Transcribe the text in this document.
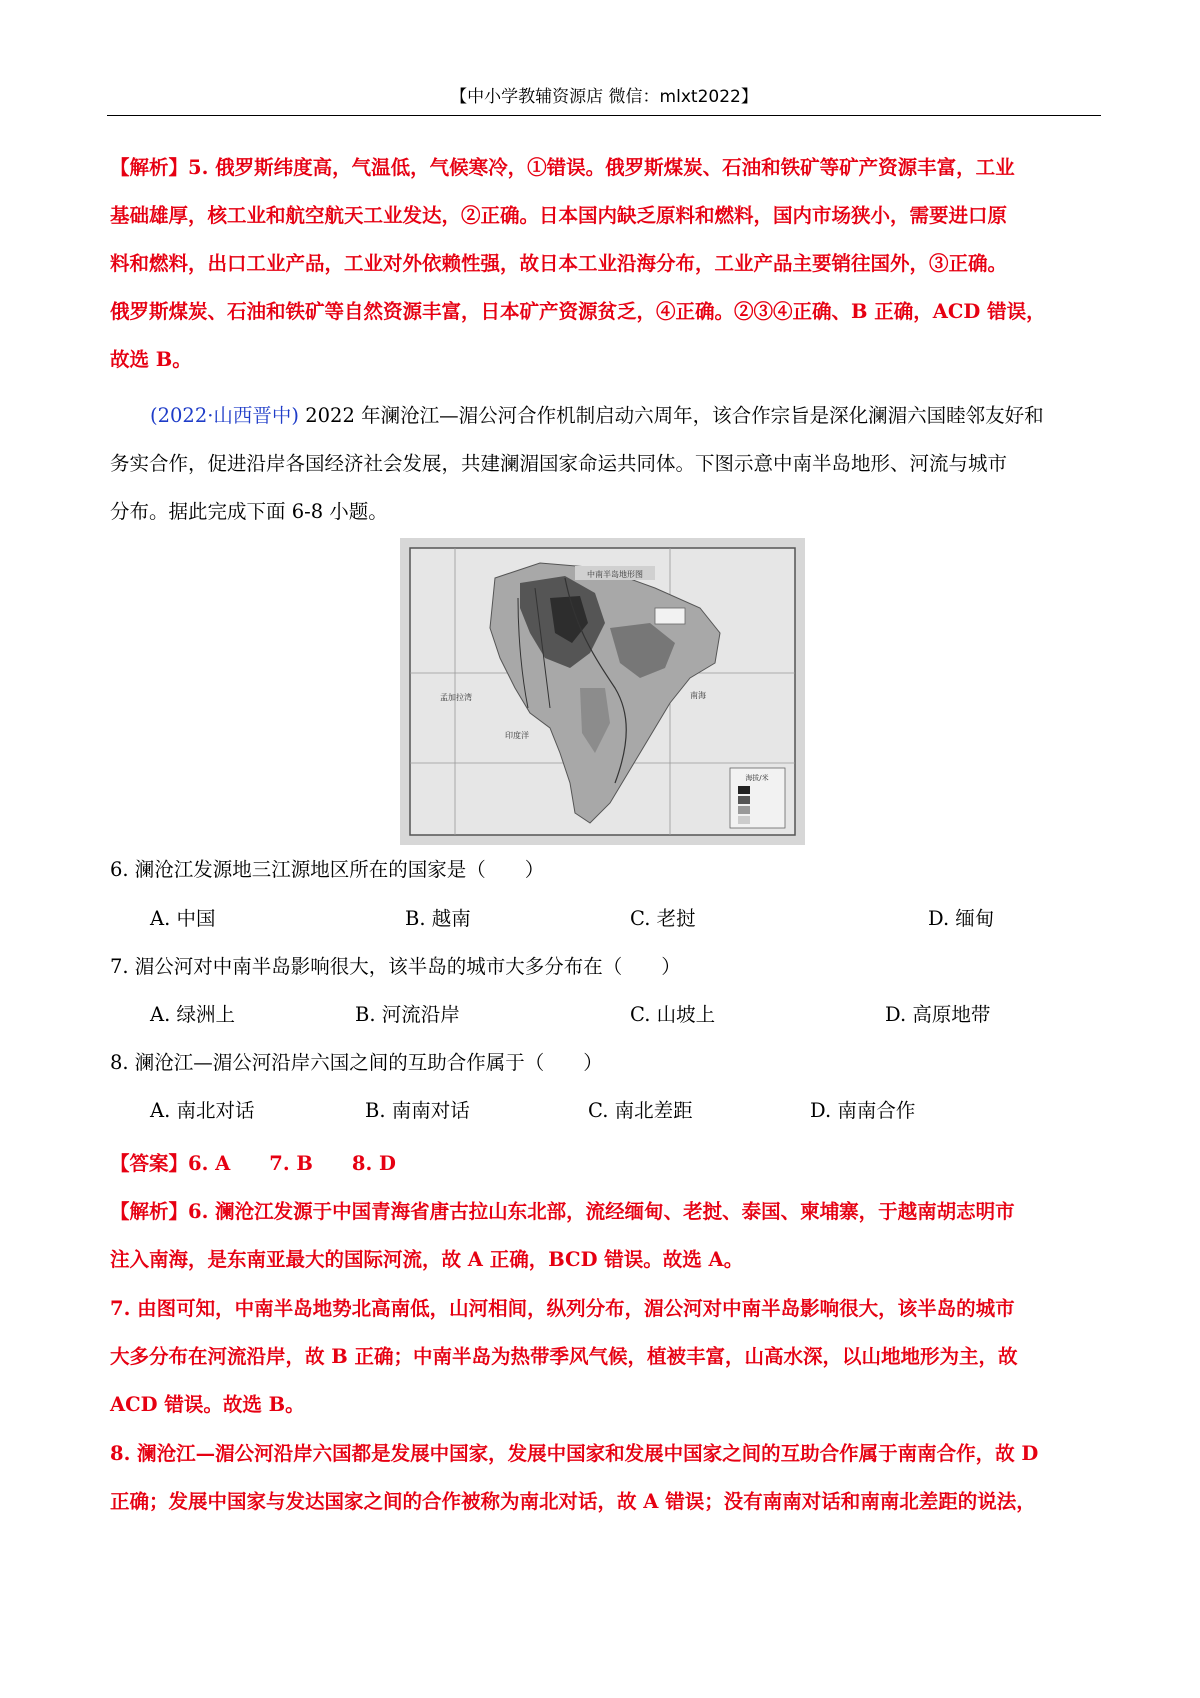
【中小学教辅资源店 微信：mlxt2022】
【解析】5. 俄罗斯纬度高，气温低，气候寒冷，①错误。俄罗斯煤炭、石油和铁矿等矿产资源丰富，工业
基础雄厚，核工业和航空航天工业发达，②正确。日本国内缺乏原料和燃料，国内市场狭小，需要进口原
料和燃料，出口工业产品，工业对外依赖性强，故日本工业沿海分布，工业产品主要销往国外，③正确。
俄罗斯煤炭、石油和铁矿等自然资源丰富，日本矿产资源贫乏，④正确。②③④正确、B 正确，ACD 错误，
故选 B。
(2022·山西晋中) 2022 年澜沧江—湄公河合作机制启动六周年，该合作宗旨是深化澜湄六国睦邻友好和
务实合作，促进沿岸各国经济社会发展，共建澜湄国家命运共同体。下图示意中南半岛地形、河流与城市
分布。据此完成下面 6-8 小题。
中南半岛地形图
孟加拉湾
印度洋
南海
海拔/米
6. 澜沧江发源地三江源地区所在的国家是（　　）
A. 中国	B. 越南	C. 老挝	D. 缅甸
7. 湄公河对中南半岛影响很大，该半岛的城市大多分布在（　　）
A. 绿洲上	B. 河流沿岸	C. 山坡上	D. 高原地带
8. 澜沧江—湄公河沿岸六国之间的互助合作属于（　　）
A. 南北对话	B. 南南对话	C. 南北差距	D. 南南合作
【答案】6. A　　7. B　　8. D
【解析】6. 澜沧江发源于中国青海省唐古拉山东北部，流经缅甸、老挝、泰国、柬埔寨，于越南胡志明市
注入南海，是东南亚最大的国际河流，故 A 正确，BCD 错误。故选 A。
7. 由图可知，中南半岛地势北高南低，山河相间，纵列分布，湄公河对中南半岛影响很大，该半岛的城市
大多分布在河流沿岸，故 B 正确；中南半岛为热带季风气候，植被丰富，山高水深，以山地地形为主，故
ACD 错误。故选 B。
8. 澜沧江—湄公河沿岸六国都是发展中国家，发展中国家和发展中国家之间的互助合作属于南南合作，故 D
正确；发展中国家与发达国家之间的合作被称为南北对话，故 A 错误；没有南南对话和南南北差距的说法，
